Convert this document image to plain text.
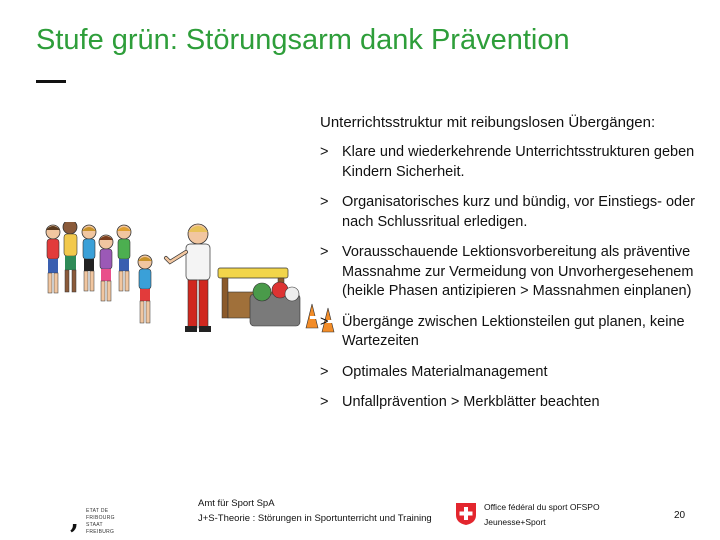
Stufe grün: Störungsarm dank Prävention
Unterrichtsstruktur mit reibungslosen Übergängen:
> Klare und wiederkehrende Unterrichtsstrukturen geben Kindern Sicherheit.
> Organisatorisches kurz und bündig, vor Einstiegs- oder nach Schlussritual erledigen.
> Vorausschauende Lektionsvorbereitung als präventive Massnahme zur Vermeidung von Unvorhergesehenem (heikle Phasen antizipieren > Massnahmen einplanen)
> Übergänge zwischen Lektionsteilen gut planen, keine Wartezeiten
> Optimales Materialmanagement
> Unfallprävention > Merkblätter beachten
, ETAT DE FRIBOURG
STAAT FREIBURG
Amt für Sport SpA
J+S-Theorie : Störungen in Sportunterricht und Training
Office fédéral du sport OFSPO
Jeunesse+Sport
20
